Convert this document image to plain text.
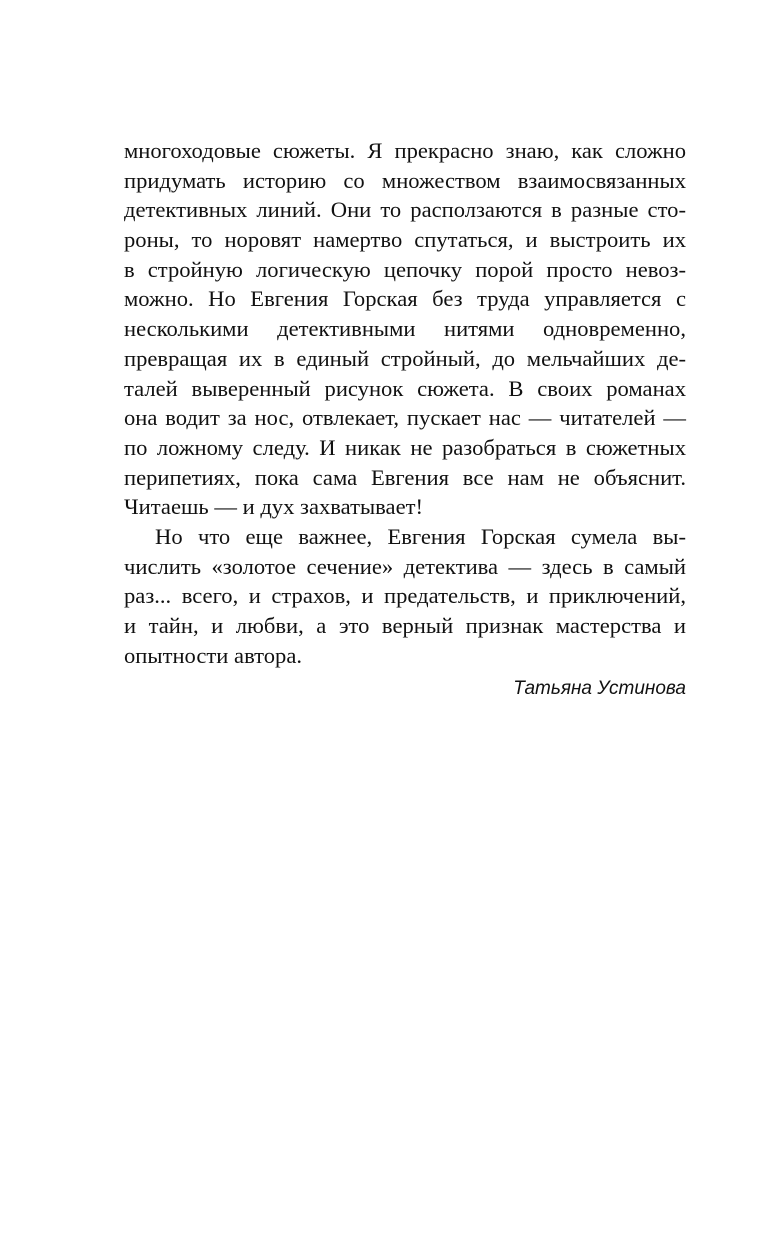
многоходовые сюжеты. Я прекрасно знаю, как сложно
придумать историю со множеством взаимосвязанных
детективных линий. Они то расползаются в разные сто-
роны, то норовят намертво спутаться, и выстроить их
в стройную логическую цепочку порой просто невоз-
можно. Но Евгения Горская без труда управляется с
несколькими детективными нитями одновременно,
превращая их в единый стройный, до мельчайших де-
талей выверенный рисунок сюжета. В своих романах
она водит за нос, отвлекает, пускает нас — читателей —
по ложному следу. И никак не разобраться в сюжетных
перипетиях, пока сама Евгения все нам не объяснит.
Читаешь — и дух захватывает!
Но что еще важнее, Евгения Горская сумела вы-
числить «золотое сечение» детектива — здесь в самый
раз... всего, и страхов, и предательств, и приключений,
и тайн, и любви, а это верный признак мастерства и
опытности автора.
Татьяна Устинова
